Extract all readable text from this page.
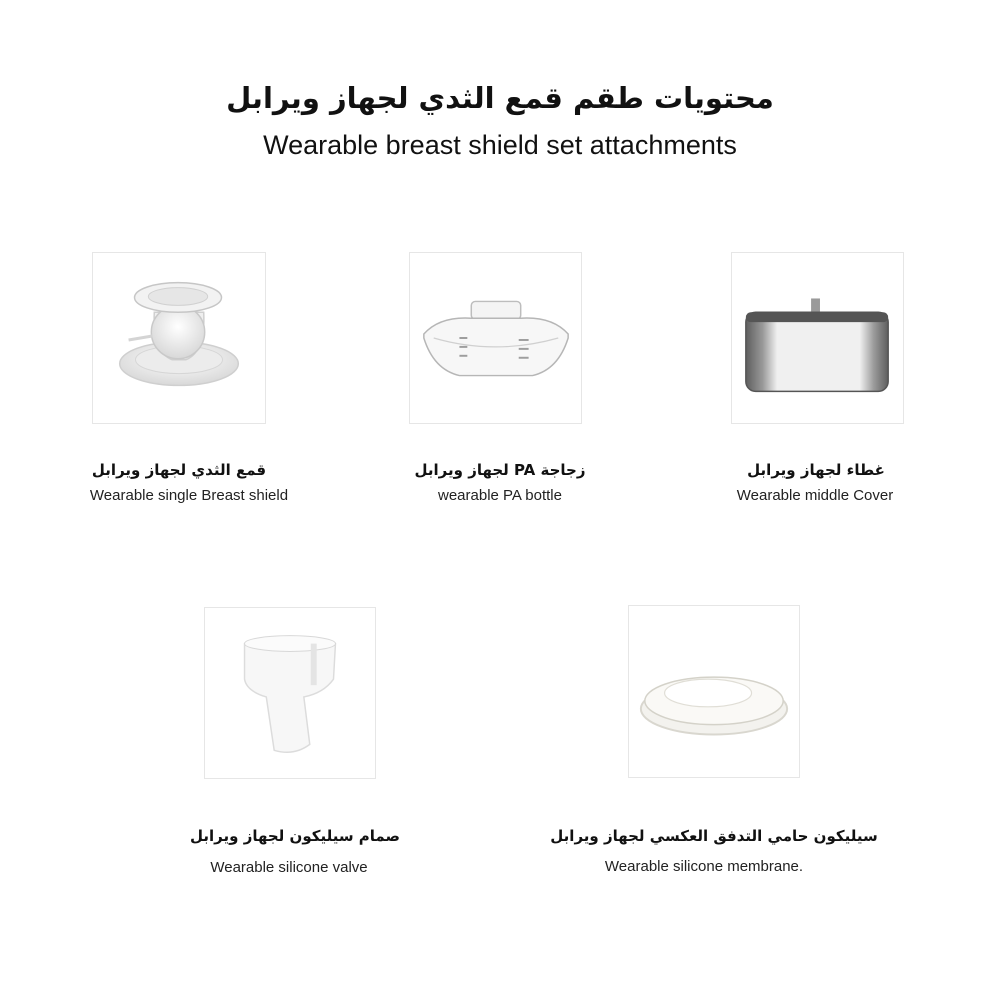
محتويات طقم قمع الثدي لجهاز ويرابل
Wearable breast shield set attachments
قمع الثدي لجهاز ويرابل
Wearable single Breast shield
زجاجة PA لجهاز ويرابل
wearable PA bottle
غطاء لجهاز ويرابل
Wearable middle Cover
صمام سيليكون لجهاز ويرابل
Wearable silicone valve
سيليكون حامي التدفق العكسي لجهاز ويرابل
Wearable silicone membrane.
